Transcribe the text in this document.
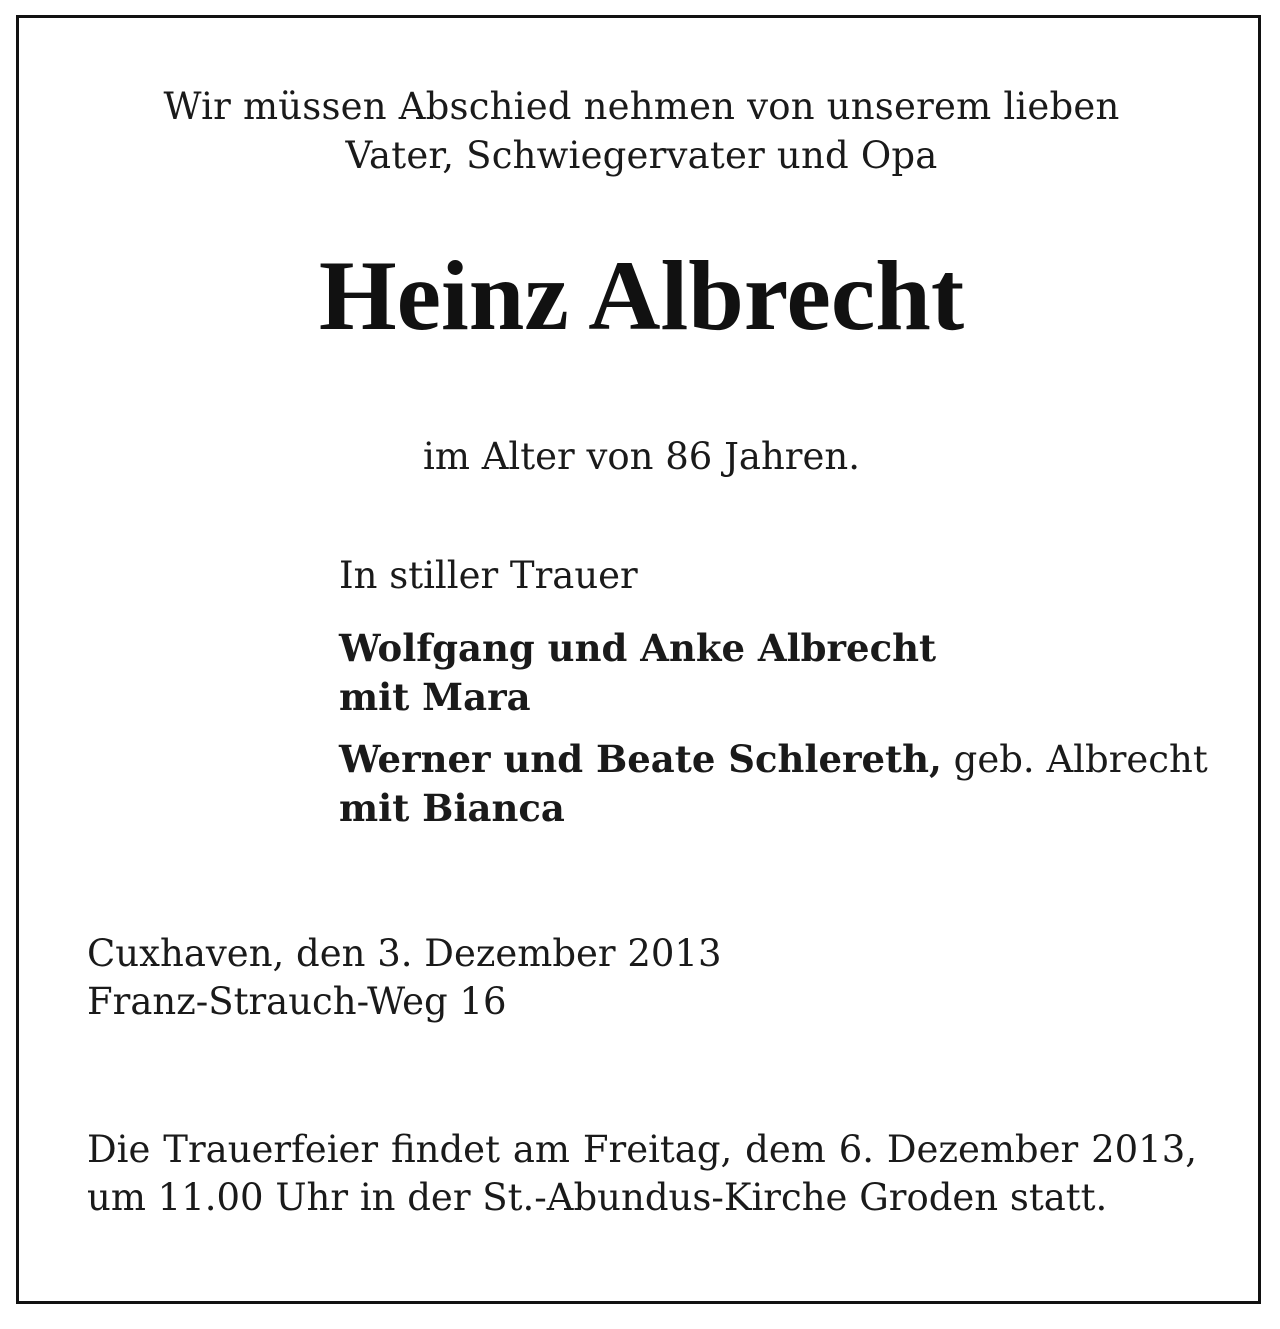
Wir müssen Abschied nehmen von unserem lieben
Vater, Schwiegervater und Opa
Heinz Albrecht
im Alter von 86 Jahren.
In stiller Trauer
Wolfgang und Anke Albrecht
mit Mara
Werner und Beate Schlereth, geb. Albrecht
mit Bianca
Cuxhaven, den 3. Dezember 2013
Franz-Strauch-Weg 16
Die Trauerfeier findet am Freitag, dem 6. Dezember 2013, um 11.00 Uhr in der St.-Abundus-Kirche Groden statt.
